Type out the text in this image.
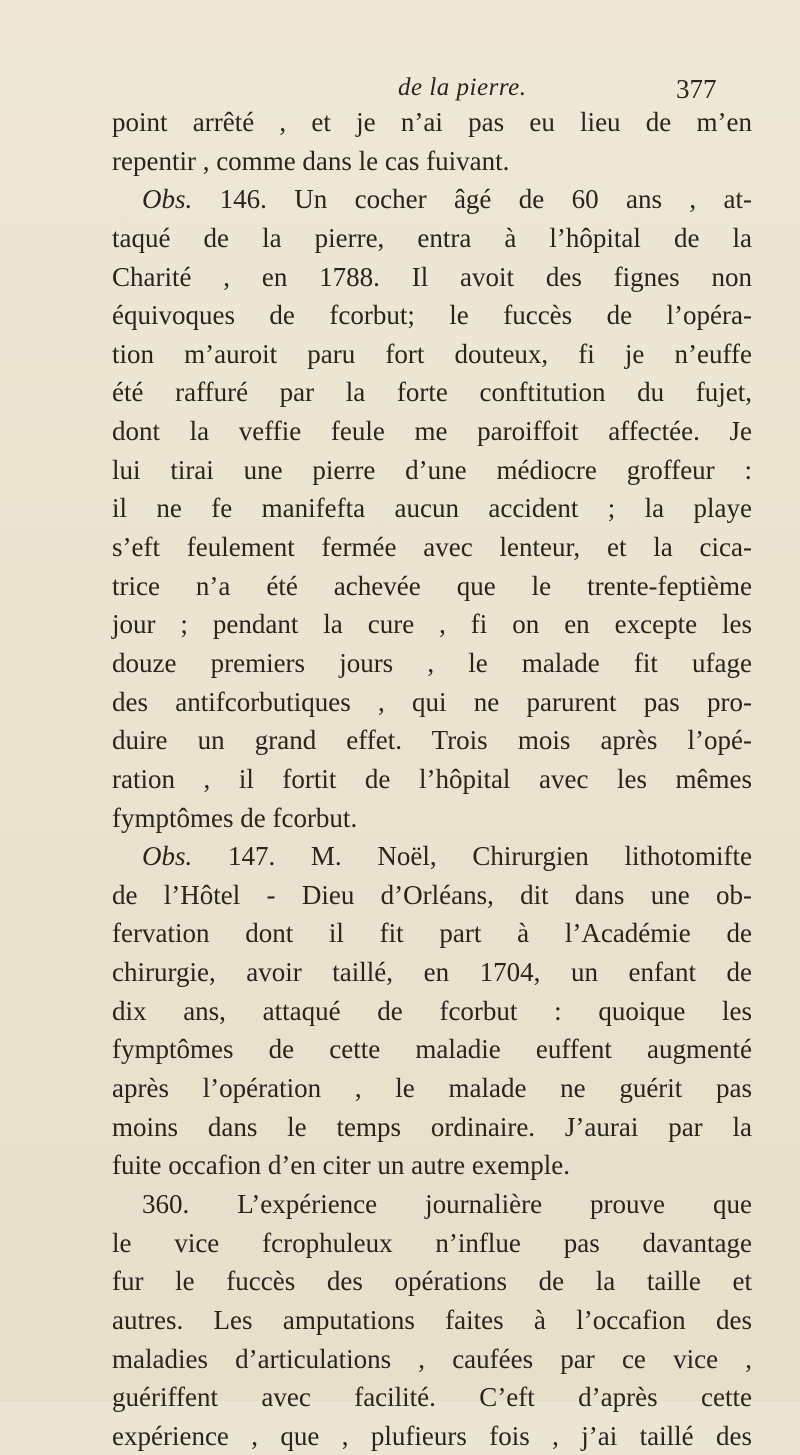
de la pierre.	377
point arrêté , et je n’ai pas eu lieu de m’en
repentir , comme dans le cas fuivant.
Obs. 146. Un cocher âgé de 60 ans , at-
taqué de la pierre, entra à l’hôpital de la
Charité , en 1788. Il avoit des fignes non
équivoques de fcorbut; le fuccès de l’opéra-
tion m’auroit paru fort douteux, fi je n’euffe
été raffuré par la forte conftitution du fujet,
dont la veffie feule me paroiffoit affectée. Je
lui tirai une pierre d’une médiocre groffeur :
il ne fe manifefta aucun accident ; la playe
s’eft feulement fermée avec lenteur, et la cica-
trice n’a été achevée que le trente-feptième
jour ; pendant la cure , fi on en excepte les
douze premiers jours , le malade fit ufage
des antifcorbutiques , qui ne parurent pas pro-
duire un grand effet. Trois mois après l’opé-
ration , il fortit de l’hôpital avec les mêmes
fymptômes de fcorbut.
Obs. 147. M. Noël, Chirurgien lithotomifte
de l’Hôtel - Dieu d’Orléans, dit dans une ob-
fervation dont il fit part à l’Académie de
chirurgie, avoir taillé, en 1704, un enfant de
dix ans, attaqué de fcorbut : quoique les
fymptômes de cette maladie euffent augmenté
après l’opération , le malade ne guérit pas
moins dans le temps ordinaire. J’aurai par la
fuite occafion d’en citer un autre exemple.
360. L’expérience journalière prouve que
le vice fcrophuleux n’influe pas davantage
fur le fuccès des opérations de la taille et
autres. Les amputations faites à l’occafion des
maladies d’articulations , caufées par ce vice ,
guériffent avec facilité. C’eft d’après cette
expérience , que , plufieurs fois , j’ai taillé des
